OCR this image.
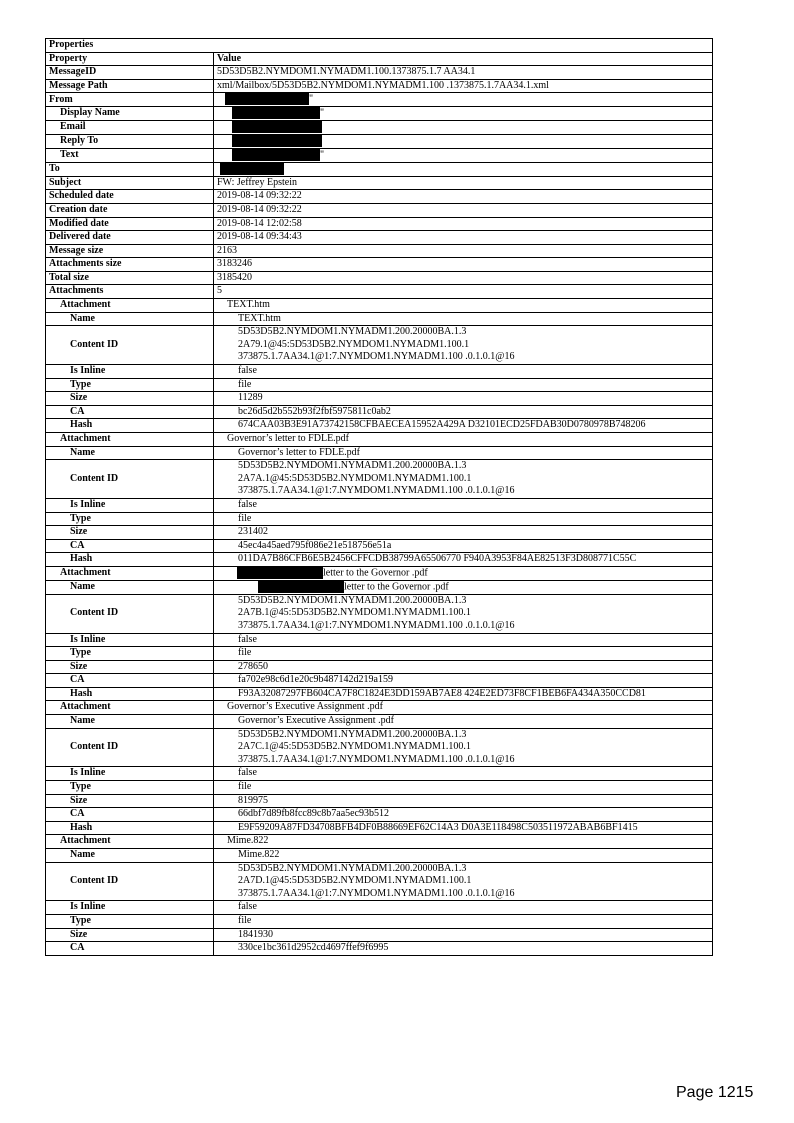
Properties	
Property	Value
MessageID	5D53D5B2.NYMDOM1.NYMADM1.100.1373875.1.7 AA34.1
Message Path	xml/Mailbox/5D53D5B2.NYMDOM1.NYMADM1.100 .1373875.1.7AA34.1.xml
From	"
Display Name	"
Email	
Reply To	
Text	"
To	
Subject	FW: Jeffrey Epstein
Scheduled date	2019-08-14 09:32:22
Creation date	2019-08-14 09:32:22
Modified date	2019-08-14 12:02:58
Delivered date	2019-08-14 09:34:43
Message size	2163
Attachments size	3183246
Total size	3185420
Attachments	5
Attachment	TEXT.htm
Name	TEXT.htm
Content ID	5D53D5B2.NYMDOM1.NYMADM1.200.20000BA.1.3
2A79.1@45:5D53D5B2.NYMDOM1.NYMADM1.100.1
373875.1.7AA34.1@1:7.NYMDOM1.NYMADM1.100 .0.1.0.1@16
Is Inline	false
Type	file
Size	11289
CA	bc26d5d2b552b93f2fbf5975811c0ab2
Hash	674CAA03B3E91A73742158CFBAECEA15952A429A D32101ECD25FDAB30D0780978B748206
Attachment	Governor’s letter to FDLE.pdf
Name	Governor’s letter to FDLE.pdf
Content ID	5D53D5B2.NYMDOM1.NYMADM1.200.20000BA.1.3
2A7A.1@45:5D53D5B2.NYMDOM1.NYMADM1.100.1
373875.1.7AA34.1@1:7.NYMDOM1.NYMADM1.100 .0.1.0.1@16
Is Inline	false
Type	file
Size	231402
CA	45ec4a45aed795f086e21e518756e51a
Hash	011DA7B86CFB6E5B2456CFFCDB38799A65506770 F940A3953F84AE82513F3D808771C55C
Attachment	letter to the Governor .pdf
Name	letter to the Governor .pdf
Content ID	5D53D5B2.NYMDOM1.NYMADM1.200.20000BA.1.3
2A7B.1@45:5D53D5B2.NYMDOM1.NYMADM1.100.1
373875.1.7AA34.1@1:7.NYMDOM1.NYMADM1.100 .0.1.0.1@16
Is Inline	false
Type	file
Size	278650
CA	fa702e98c6d1e20c9b487142d219a159
Hash	F93A32087297FB604CA7F8C1824E3DD159AB7AE8 424E2ED73F8CF1BEB6FA434A350CCD81
Attachment	Governor’s Executive Assignment .pdf
Name	Governor’s Executive Assignment .pdf
Content ID	5D53D5B2.NYMDOM1.NYMADM1.200.20000BA.1.3
2A7C.1@45:5D53D5B2.NYMDOM1.NYMADM1.100.1
373875.1.7AA34.1@1:7.NYMDOM1.NYMADM1.100 .0.1.0.1@16
Is Inline	false
Type	file
Size	819975
CA	66dbf7d89fb8fcc89c8b7aa5ec93b512
Hash	E9F59209A87FD34708BFB4DF0B88669EF62C14A3 D0A3E118498C503511972ABAB6BF1415
Attachment	Mime.822
Name	Mime.822
Content ID	5D53D5B2.NYMDOM1.NYMADM1.200.20000BA.1.3
2A7D.1@45:5D53D5B2.NYMDOM1.NYMADM1.100.1
373875.1.7AA34.1@1:7.NYMDOM1.NYMADM1.100 .0.1.0.1@16
Is Inline	false
Type	file
Size	1841930
CA	330ce1bc361d2952cd4697ffef9f6995
Page 1215
